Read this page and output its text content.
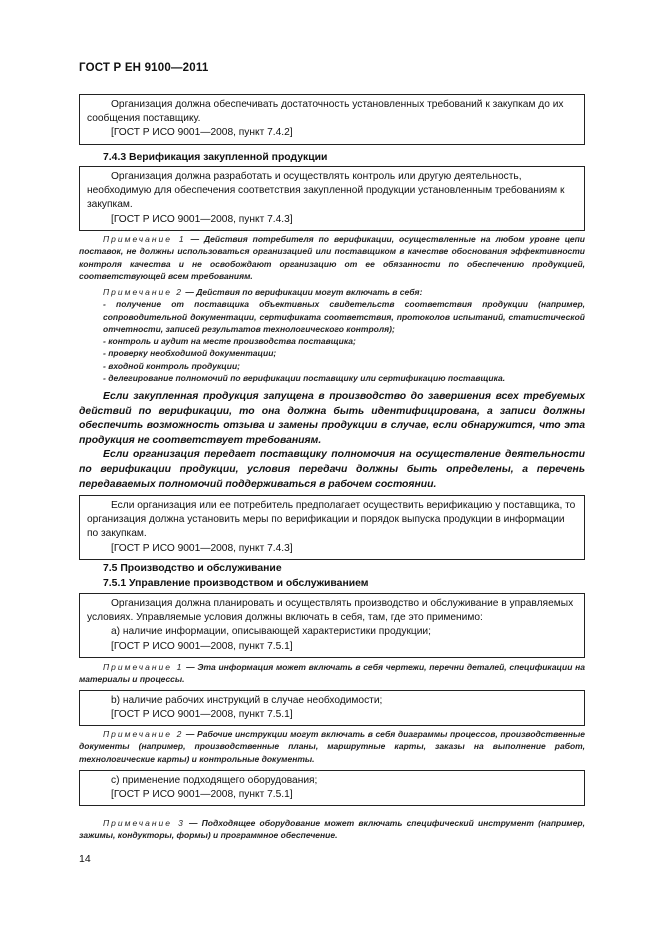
ГОСТ Р ЕН 9100—2011

Организация должна обеспечивать достаточность установленных требований к закупкам до их сообщения поставщику.

[ГОСТ Р ИСО 9001—2008, пункт 7.4.2]

7.4.3 Верификация закупленной продукции

Организация должна разработать и осуществлять контроль или другую деятельность, необходимую для обеспечения соответствия закупленной продукции установленным требованиям к закупкам.

[ГОСТ Р ИСО 9001—2008, пункт 7.4.3]

Примечание 1 — Действия потребителя по верификации, осуществленные на любом уровне цепи поставок, не должны использоваться организацией или поставщиком в качестве обоснования эффективности контроля качества и не освобождают организацию от ее обязанности по обеспечению продукцией, соответствующей всем требованиям.

Примечание 2 — Действия по верификации могут включать в себя:

- получение от поставщика объективных свидетельств соответствия продукции (например, сопроводительной документации, сертификата соответствия, протоколов испытаний, статистической отчетности, записей результатов технологического контроля);

- контроль и аудит на месте производства поставщика;

- проверку необходимой документации;

- входной контроль продукции;

- делегирование полномочий по верификации поставщику или сертификацию поставщика.

Если закупленная продукция запущена в производство до завершения всех требуемых действий по верификации, то она должна быть идентифицирована, а записи должны обеспечить возможность отзыва и замены продукции в случае, если обнаружится, что эта продукция не соответствует требованиям.

Если организация передает поставщику полномочия на осуществление деятельности по верификации продукции, условия передачи должны быть определены, а перечень передаваемых полномочий поддерживаться в рабочем состоянии.

Если организация или ее потребитель предполагает осуществить верификацию у поставщика, то организация должна установить меры по верификации и порядок выпуска продукции в информации по закупкам.

[ГОСТ Р ИСО 9001—2008, пункт 7.4.3]

7.5 Производство и обслуживание
7.5.1 Управление производством и обслуживанием

Организация должна планировать и осуществлять производство и обслуживание в управляемых условиях. Управляемые условия должны включать в себя, там, где это применимо:

a) наличие информации, описывающей характеристики продукции;

[ГОСТ Р ИСО 9001—2008, пункт 7.5.1]

Примечание 1 — Эта информация может включать в себя чертежи, перечни деталей, спецификации на материалы и процессы.

b) наличие рабочих инструкций в случае необходимости;

[ГОСТ Р ИСО 9001—2008, пункт 7.5.1]

Примечание 2 — Рабочие инструкции могут включать в себя диаграммы процессов, производственные документы (например, производственные планы, маршрутные карты, заказы на выполнение работ, технологические карты) и контрольные документы.

c) применение подходящего оборудования;

[ГОСТ Р ИСО 9001—2008, пункт 7.5.1]

Примечание 3 — Подходящее оборудование может включать специфический инструмент (например, зажимы, кондукторы, формы) и программное обеспечение.

14
